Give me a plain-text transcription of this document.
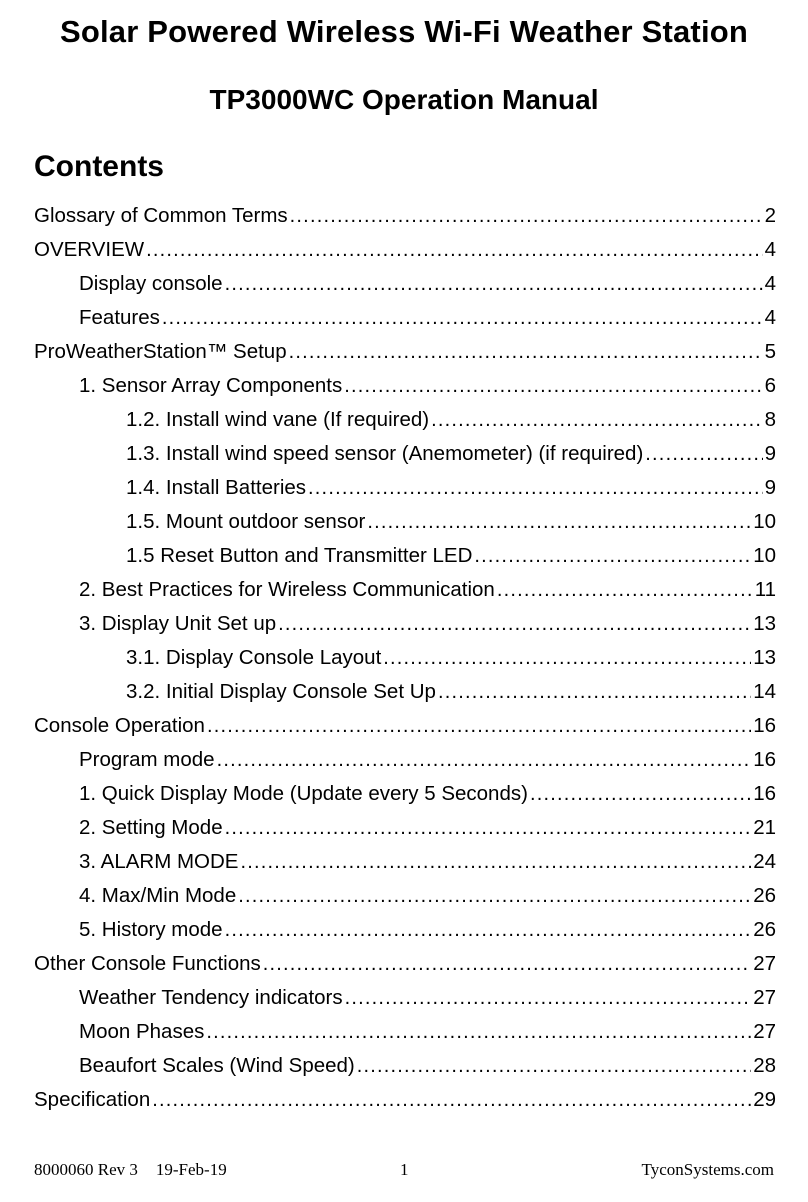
Solar Powered Wireless Wi-Fi Weather Station
TP3000WC Operation Manual
Contents
Glossary of Common Terms .....	2
OVERVIEW .....	4
Display console .....	4
Features .....	4
ProWeatherStation™ Setup .....	5
1. Sensor Array Components .....	6
1.2. Install wind vane (If required) .....	8
1.3. Install wind speed sensor (Anemometer) (if required) .....	9
1.4. Install Batteries .....	9
1.5. Mount outdoor sensor .....	10
1.5 Reset Button and Transmitter LED .....	10
2. Best Practices for Wireless Communication .....	11
3. Display Unit Set up .....	13
3.1. Display Console Layout .....	13
3.2. Initial Display Console Set Up .....	14
Console Operation .....	16
Program mode .....	16
1. Quick Display Mode (Update every 5 Seconds) .....	16
2. Setting Mode .....	21
3. ALARM MODE .....	24
4. Max/Min Mode .....	26
5. History mode .....	26
Other Console Functions .....	27
Weather Tendency indicators .....	27
Moon Phases .....	27
Beaufort Scales (Wind Speed) .....	28
Specification .....	29
8000060 Rev 3 19-Feb-19	1	TyconSystems.com
